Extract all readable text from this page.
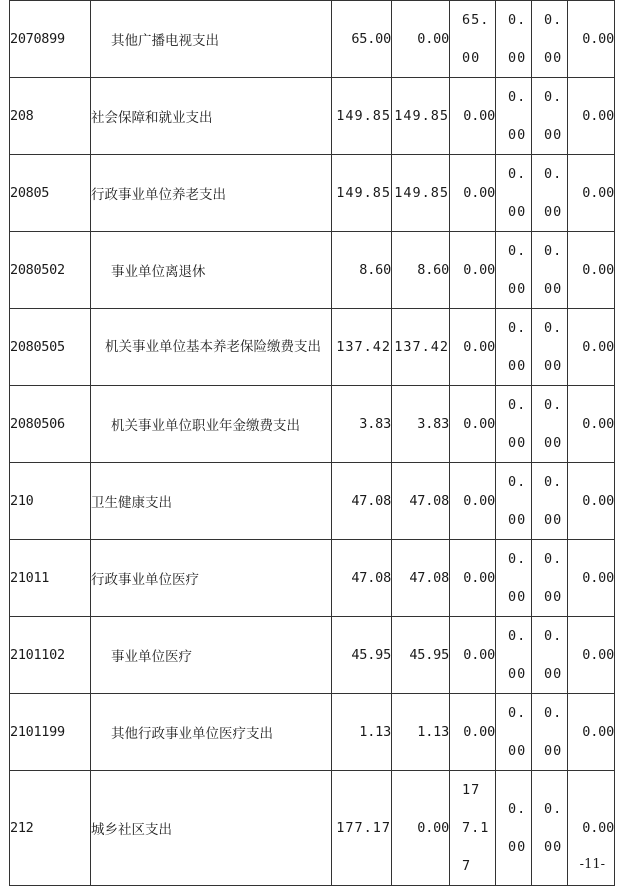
2070899	其他广播电视支出	65.00	0.00	65.00	0.00	0.00	0.00
208	社会保障和就业支出	149.85	149.85	0.00	0.00	0.00	0.00
20805	行政事业单位养老支出	149.85	149.85	0.00	0.00	0.00	0.00
2080502	事业单位离退休	8.60	8.60	0.00	0.00	0.00	0.00
2080505	机关事业单位基本养老保险缴费支出	137.42	137.42	0.00	0.00	0.00	0.00
2080506	机关事业单位职业年金缴费支出	3.83	3.83	0.00	0.00	0.00	0.00
210	卫生健康支出	47.08	47.08	0.00	0.00	0.00	0.00
21011	行政事业单位医疗	47.08	47.08	0.00	0.00	0.00	0.00
2101102	事业单位医疗	45.95	45.95	0.00	0.00	0.00	0.00
2101199	其他行政事业单位医疗支出	1.13	1.13	0.00	0.00	0.00	0.00
212	城乡社区支出	177.17	0.00	177.17	0.00	0.00	0.00
-11-
